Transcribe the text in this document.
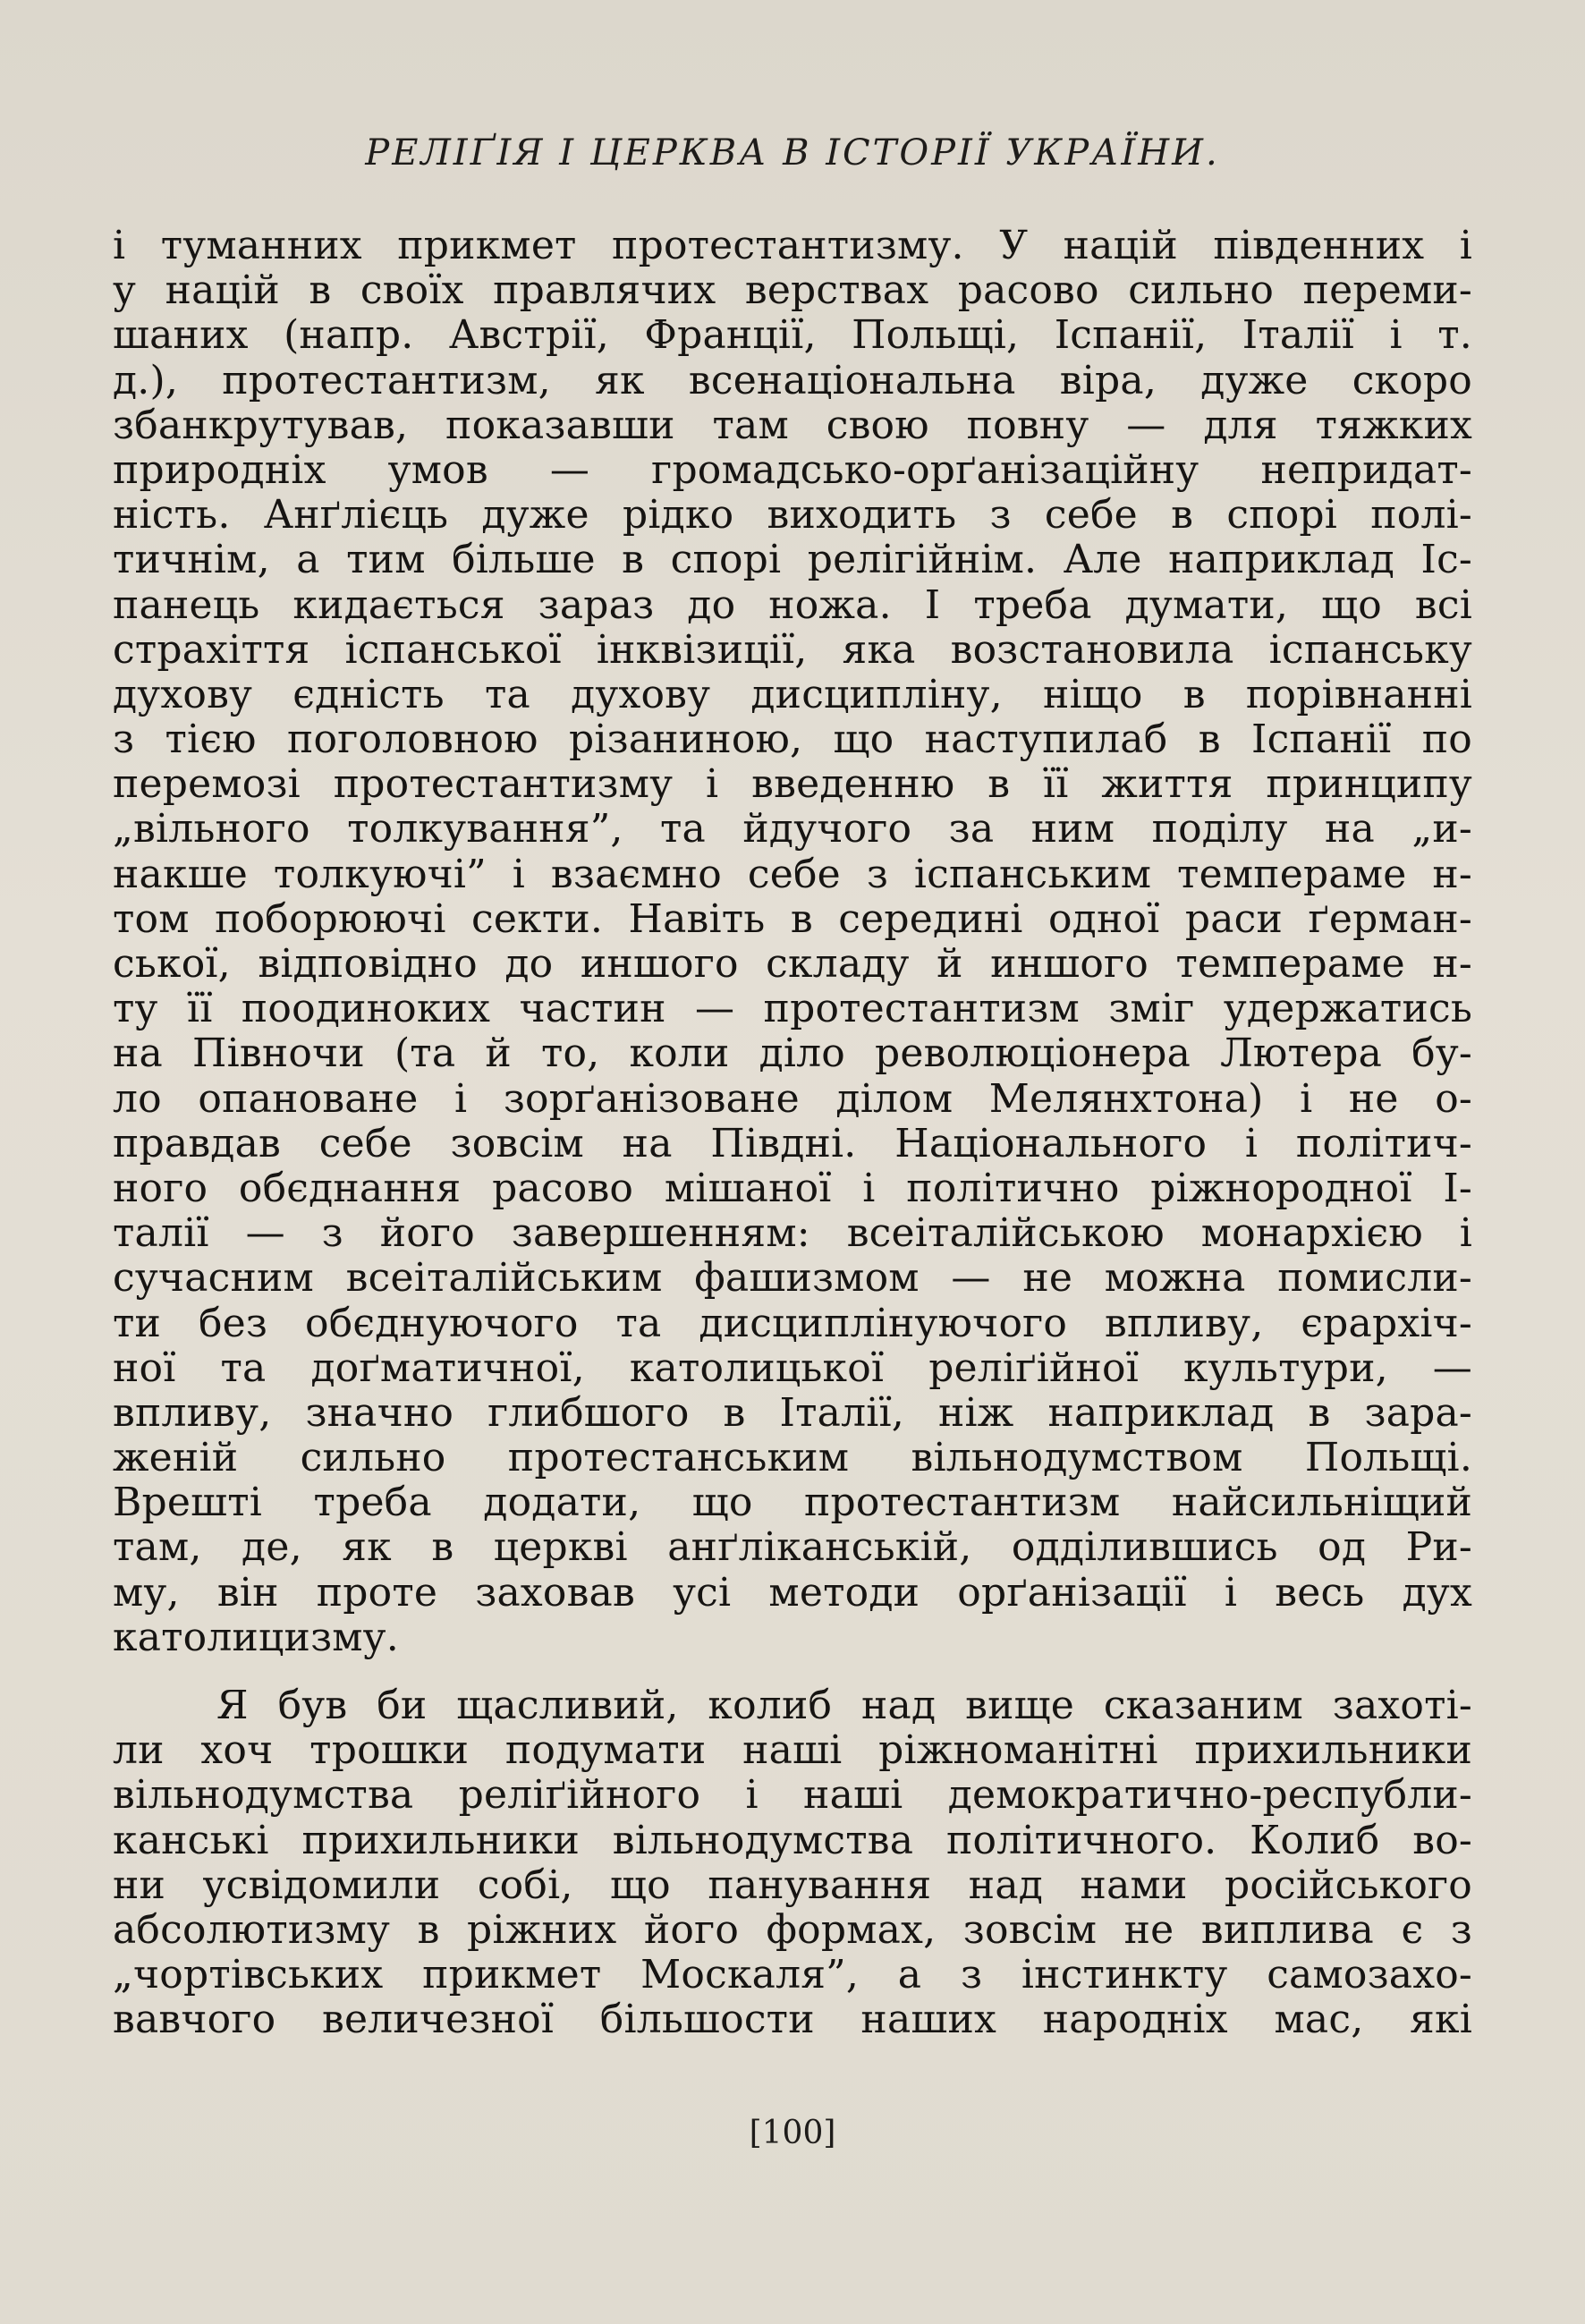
РЕЛІҐІЯ І ЦЕРКВА В ІСТОРІЇ УКРАЇНИ.
і туманних прикмет протестантизму. У націй південних і
у націй в своїх правлячих верствах расово сильно переми-
шаних (напр. Австрії, Франції, Польщі, Іспанії, Італії і т.
д.), протестантизм, як всенаціональна віра, дуже скоро
збанкрутував, показавши там свою повну — для тяжких
природніх умов — громадсько-орґанізаційну непридат-
ність. Анґлієць дуже рідко виходить з себе в спорі полі-
тичнім, а тим більше в спорі релігійнім. Але наприклад Іс-
панець кидається зараз до ножа. І треба думати, що всі
страхіття іспанської інквізиції, яка возстановила іспанську
духову єдність та духову дисципліну, ніщо в порівнанні
з тією поголовною різаниною, що наступилаб в Іспанії по
перемозі протестантизму і введенню в її життя принципу
„вільного толкування”, та йдучого за ним поділу на „и-
накше толкуючі” і взаємно себе з іспанським темпераме н-
том поборюючі секти. Навіть в середині одної раси ґерман-
ської, відповідно до иншого складу й иншого темпераме н-
ту її поодиноких частин — протестантизм зміг удержатись
на Півночи (та й то, коли діло революціонера Лютера бу-
ло опановане і зорґанізоване ділом Мелянхтона) і не о-
правдав себе зовсім на Півдні. Національного і політич-
ного обєднання расово мішаної і політично ріжнородної І-
талії — з його завершенням: всеіталійською монархією і
сучасним всеіталійським фашизмом — не можна помисли-
ти без обєднуючого та дисциплінуючого впливу, єрархіч-
ної та доґматичної, католицької реліґійної культури, —
впливу, значно глибшого в Італії, ніж наприклад в зара-
женій сильно протестанським вільнодумством Польщі.
Врешті треба додати, що протестантизм найсильніщий
там, де, як в церкві анґліканській, одділившись од Ри-
му, він проте заховав усі методи орґанізації і весь дух
католицизму.
Я був би щасливий, колиб над вище сказаним захоті-
ли хоч трошки подумати наші ріжноманітні прихильники
вільнодумства реліґійного і наші демократично-республи-
канські прихильники вільнодумства політичного. Колиб во-
ни усвідомили собі, що панування над нами російського
абсолютизму в ріжних його формах, зовсім не виплива є з
„чортівських прикмет Москаля”, а з інстинкту самозахо-
вавчого величезної більшости нашиx народніх мас, які
[100]
